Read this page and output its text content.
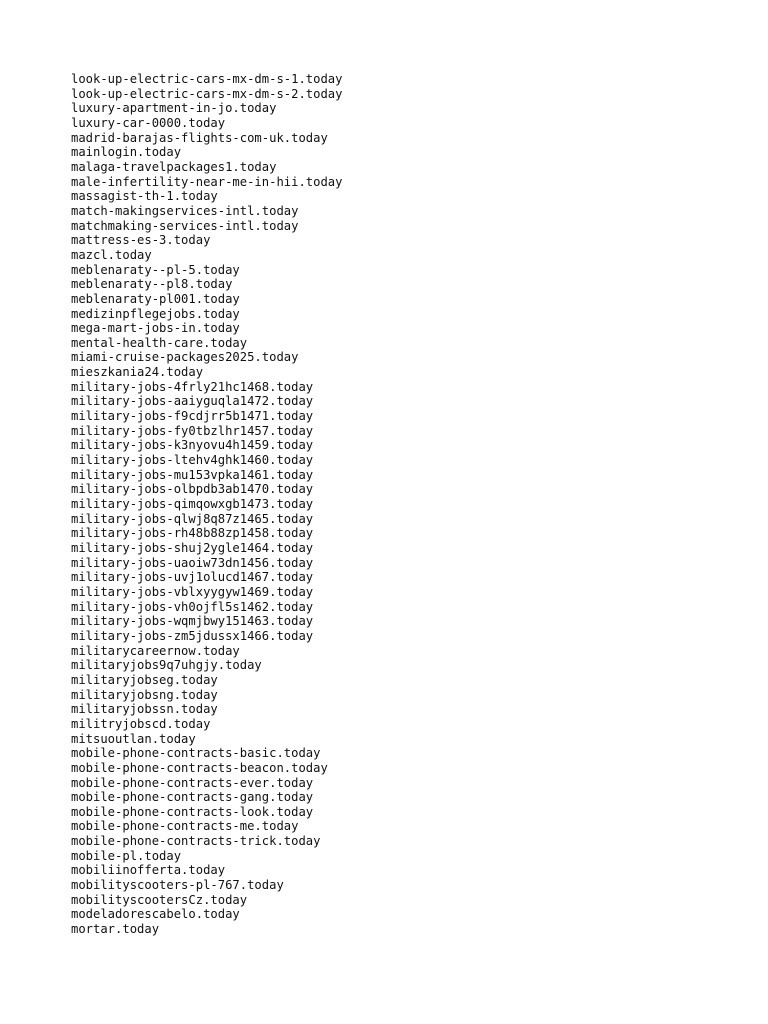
look-up-electric-cars-mx-dm-s-1.today
look-up-electric-cars-mx-dm-s-2.today
luxury-apartment-in-jo.today
luxury-car-0000.today
madrid-barajas-flights-com-uk.today
mainlogin.today
malaga-travelpackages1.today
male-infertility-near-me-in-hii.today
massagist-th-1.today
match-makingservices-intl.today
matchmaking-services-intl.today
mattress-es-3.today
mazcl.today
meblenaraty--pl-5.today
meblenaraty--pl8.today
meblenaraty-pl001.today
medizinpflegejobs.today
mega-mart-jobs-in.today
mental-health-care.today
miami-cruise-packages2025.today
mieszkania24.today
military-jobs-4frly21hc1468.today
military-jobs-aaiyguqla1472.today
military-jobs-f9cdjrr5b1471.today
military-jobs-fy0tbzlhr1457.today
military-jobs-k3nyovu4h1459.today
military-jobs-ltehv4ghk1460.today
military-jobs-mu153vpka1461.today
military-jobs-olbpdb3ab1470.today
military-jobs-qimqowxgb1473.today
military-jobs-qlwj8q87z1465.today
military-jobs-rh48b88zp1458.today
military-jobs-shuj2ygle1464.today
military-jobs-uaoiw73dn1456.today
military-jobs-uvj1olucd1467.today
military-jobs-vblxyygyw1469.today
military-jobs-vh0ojfl5s1462.today
military-jobs-wqmjbwy151463.today
military-jobs-zm5jdussx1466.today
militarycareernow.today
militaryjobs9q7uhgjy.today
militaryjobseg.today
militaryjobsng.today
militaryjobssn.today
militryjobscd.today
mitsuoutlan.today
mobile-phone-contracts-basic.today
mobile-phone-contracts-beacon.today
mobile-phone-contracts-ever.today
mobile-phone-contracts-gang.today
mobile-phone-contracts-look.today
mobile-phone-contracts-me.today
mobile-phone-contracts-trick.today
mobile-pl.today
mobiliinofferta.today
mobilityscooters-pl-767.today
mobilityscootersCz.today
modeladorescabelo.today
mortar.today
